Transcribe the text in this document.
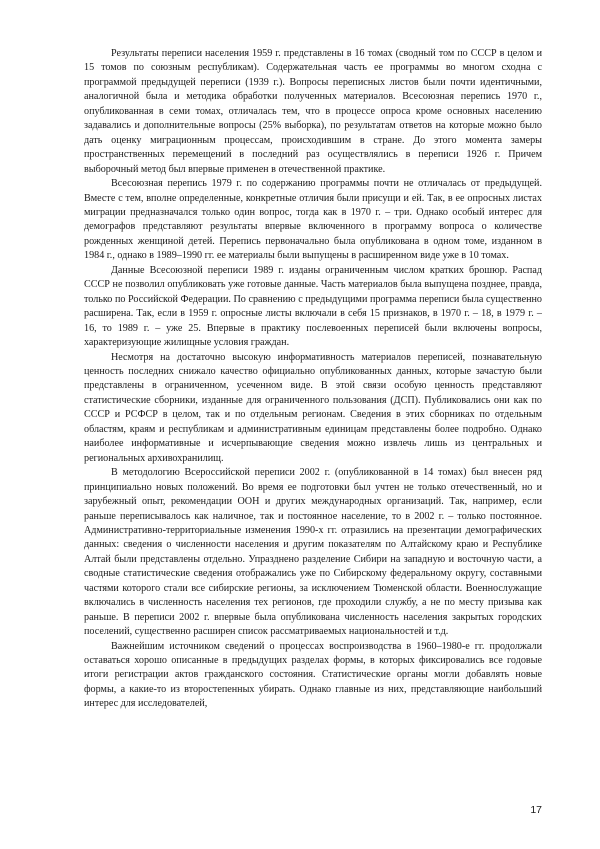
Результаты переписи населения 1959 г. представлены в 16 томах (сводный том по СССР в целом и 15 томов по союзным республикам). Содержательная часть ее программы во многом сходна с программой предыдущей переписи (1939 г.). Вопросы переписных листов были почти идентичными, аналогичной была и методика обработки полученных материалов. Всесоюзная перепись 1970 г., опубликованная в семи томах, отличалась тем, что в процессе опроса кроме основных населению задавались и дополнительные вопросы (25% выборка), по результатам ответов на которые можно было дать оценку миграционным процессам, происходившим в стране. До этого момента замеры пространственных перемещений в последний раз осуществлялись в переписи 1926 г. Причем выборочный метод был впервые применен в отечественной практике.

Всесоюзная перепись 1979 г. по содержанию программы почти не отличалась от предыдущей. Вместе с тем, вполне определенные, конкретные отличия были присущи и ей. Так, в ее опросных листах миграции предназначался только один вопрос, тогда как в 1970 г. – три. Однако особый интерес для демографов представляют результаты впервые включенного в программу вопроса о количестве рожденных женщиной детей. Перепись первоначально была опубликована в одном томе, изданном в 1984 г., однако в 1989–1990 гг. ее материалы были выпущены в расширенном виде уже в 10 томах.

Данные Всесоюзной переписи 1989 г. изданы ограниченным числом кратких брошюр. Распад СССР не позволил опубликовать уже готовые данные. Часть материалов была выпущена позднее, правда, только по Российской Федерации. По сравнению с предыдущими программа переписи была существенно расширена. Так, если в 1959 г. опросные листы включали в себя 15 признаков, в 1970 г. – 18, в 1979 г. – 16, то 1989 г. – уже 25. Впервые в практику послевоенных переписей были включены вопросы, характеризующие жилищные условия граждан.

Несмотря на достаточно высокую информативность материалов переписей, познавательную ценность последних снижало качество официально опубликованных данных, которые зачастую были представлены в ограниченном, усеченном виде. В этой связи особую ценность представляют статистические сборники, изданные для ограниченного пользования (ДСП). Публиковались они как по СССР и РСФСР в целом, так и по отдельным регионам. Сведения в этих сборниках по отдельным областям, краям и республикам и административным единицам представлены более подробно. Однако наиболее информативные и исчерпывающие сведения можно извлечь лишь из центральных и региональных архивохранилищ.

В методологию Всероссийской переписи 2002 г. (опубликованной в 14 томах) был внесен ряд принципиально новых положений. Во время ее подготовки был учтен не только отечественный, но и зарубежный опыт, рекомендации ООН и других международных организаций. Так, например, если раньше переписывалось как наличное, так и постоянное население, то в 2002 г. – только постоянное. Административно-территориальные изменения 1990-х гг. отразились на презентации демографических данных: сведения о численности населения и другим показателям по Алтайскому краю и Республике Алтай были представлены отдельно. Упразднено разделение Сибири на западную и восточную части, а сводные статистические сведения отображались уже по Сибирскому федеральному округу, составными частями которого стали все сибирские регионы, за исключением Тюменской области. Военнослужащие включались в численность населения тех регионов, где проходили службу, а не по месту призыва как раньше. В переписи 2002 г. впервые была опубликована численность населения закрытых городских поселений, существенно расширен список рассматриваемых национальностей и т.д.

Важнейшим источником сведений о процессах воспроизводства в 1960–1980-е гг. продолжали оставаться хорошо описанные в предыдущих разделах формы, в которых фиксировались все годовые итоги регистрации актов гражданского состояния. Статистические органы могли добавлять новые формы, а какие-то из второстепенных убирать. Однако главные из них, представляющие наибольший интерес для исследователей,

17
